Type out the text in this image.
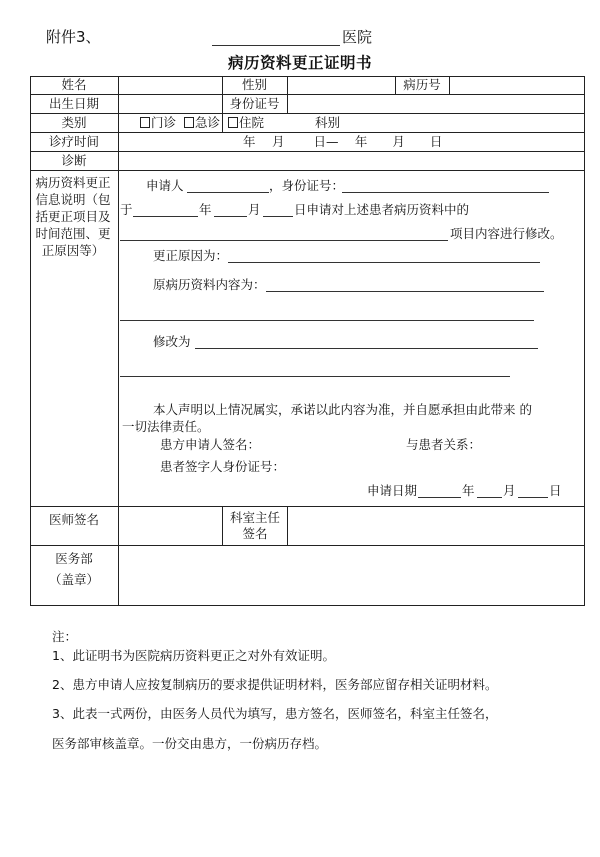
附件3、	医院
病历资料更正证明书
姓名	性别	病历号
出生日期	身份证号
类别	门诊 急诊 住院	科别
诊疗时间	年　 月　　 日—　 年　　月　　日
诊断
病历资料更正信息说明（包括更正项目及时间范围、更正原因等）
申请人	，身份证号：
于	年	月	日申请对上述患者病历资料中的
项目内容进行修改。
更正原因为：
原病历资料内容为：
修改为
本人声明以上情况属实，承诺以此内容为准，并自愿承担由此带来 的
一切法律责任。
患方申请人签名：	与患者关系：
患者签字人身份证号：
申请日期	年 月	日
医师签名	科室主任签名
医务部
（盖章）
注：
1、此证明书为医院病历资料更正之对外有效证明。
2、患方申请人应按复制病历的要求提供证明材料，医务部应留存相关证明材料。
3、此表一式两份，由医务人员代为填写，患方签名，医师签名，科室主任签名，
医务部审核盖章。一份交由患方，一份病历存档。
